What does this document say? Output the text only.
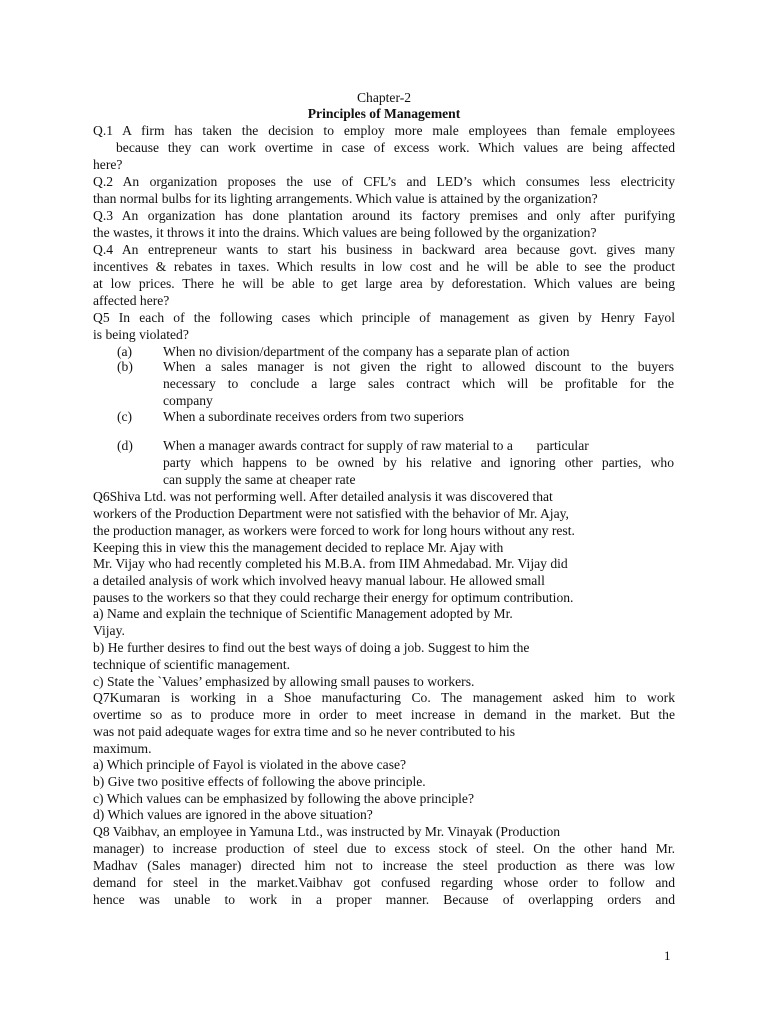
Chapter-2
Principles of Management
Q.1 A firm has taken the decision to employ more male employees than female employees
because they can work overtime in case of excess work. Which values are being affected
here?
Q.2 An organization proposes the use of CFL’s and LED’s which consumes less electricity
than normal bulbs for its lighting arrangements. Which value is attained by the organization?
Q.3 An organization has done plantation around its factory premises and only after purifying
the wastes, it throws it into the drains. Which values are being followed by the organization?
Q.4 An entrepreneur wants to start his business in backward area because govt. gives many
incentives & rebates in taxes. Which results in low cost and he will be able to see the product
at low prices. There he will be able to get large area by deforestation. Which values are being
affected here?
Q5 In each of the following cases which principle of management as given by Henry Fayol
is being violated?
(a) When no division/department of the company has a separate plan of action
(b) When a sales manager is not given the right to allowed discount to the buyers
necessary to conclude a large sales contract which will be profitable for the
company
(c) When a subordinate receives orders from two superiors
(d) When a manager awards contract for supply of raw material to a       particular
party which happens to be owned by his relative and ignoring other parties, who
can supply the same at cheaper rate
Q6Shiva Ltd. was not performing well. After detailed analysis it was discovered that
workers of the Production Department were not satisfied with the behavior of Mr. Ajay,
the production manager, as workers were forced to work for long hours without any rest.
Keeping this in view this the management decided to replace Mr. Ajay with
Mr. Vijay who had recently completed his M.B.A. from IIM Ahmedabad. Mr. Vijay did
a detailed analysis of work which involved heavy manual labour. He allowed small
pauses to the workers so that they could recharge their energy for optimum contribution.
a) Name and explain the technique of Scientific Management adopted by Mr.
Vijay.
b) He further desires to find out the best ways of doing a job. Suggest to him the
technique of scientific management.
c) State the `Values’ emphasized by allowing small pauses to workers.
Q7Kumaran is working in a Shoe manufacturing Co. The management asked him to work
overtime so as to produce more in order to meet increase in demand in the market. But the
was not paid adequate wages for extra time and so he never contributed to his
maximum.
a) Which principle of Fayol is violated in the above case?
b) Give two positive effects of following the above principle.
c) Which values can be emphasized by following the above principle?
d) Which values are ignored in the above situation?
Q8 Vaibhav, an employee in Yamuna Ltd., was instructed by Mr. Vinayak (Production
manager) to increase production of steel due to excess stock of steel. On the other hand Mr.
Madhav (Sales manager) directed him not to increase the steel production as there was low
demand for steel in the market.Vaibhav got confused regarding whose order to follow and
hence was unable to work in a proper manner. Because of overlapping orders and
1
